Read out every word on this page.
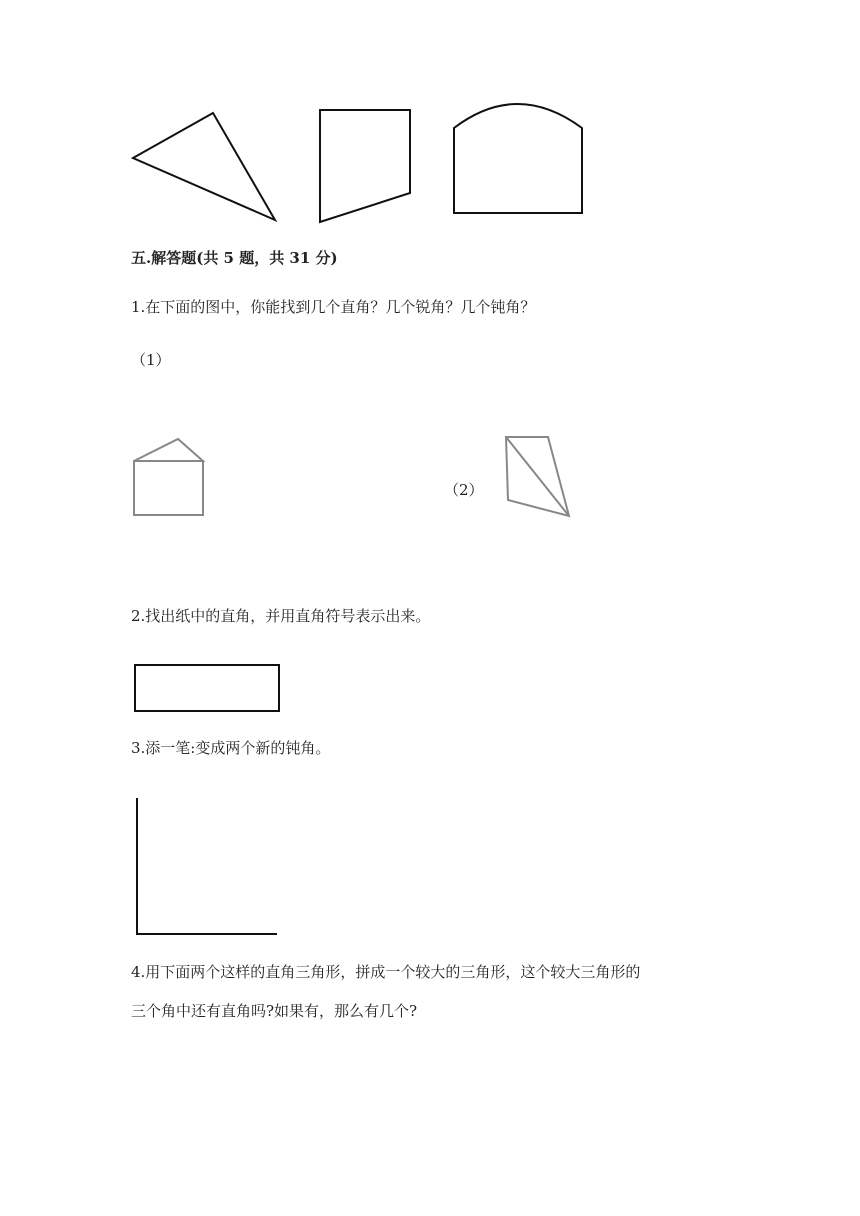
五.解答题(共 5 题，共 31 分)
1.在下面的图中，你能找到几个直角？几个锐角？几个钝角？
（1）
（2）
2.找出纸中的直角，并用直角符号表示出来。
3.添一笔:变成两个新的钝角。
4.用下面两个这样的直角三角形，拼成一个较大的三角形，这个较大三角形的
三个角中还有直角吗?如果有，那么有几个?
